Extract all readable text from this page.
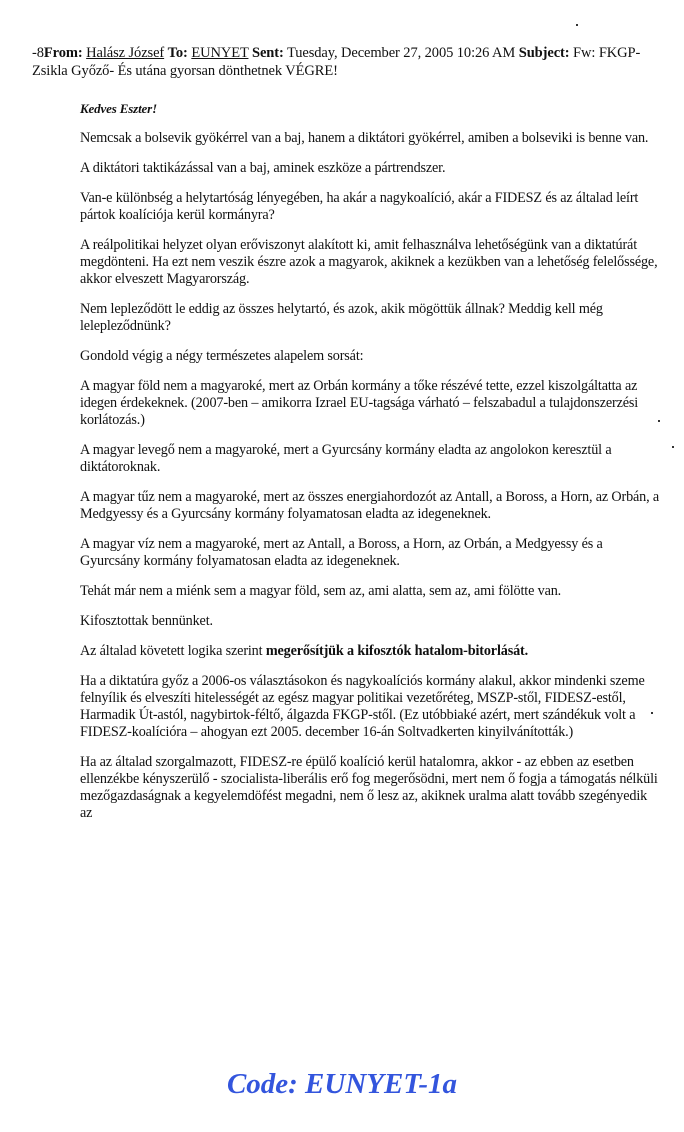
-8From: Halász József To: EUNYET Sent: Tuesday, December 27, 2005 10:26 AM Subject: Fw: FKGP-Zsikla Győző- És utána gyorsan dönthetnek VÉGRE!

Kedves Eszter!

Nemcsak a bolsevik gyökérrel van a baj, hanem a diktátori gyökérrel, amiben a bolseviki is benne van.

A diktátori taktikázással van a baj, aminek eszköze a pártrendszer.

Van-e különbség a helytartóság lényegében, ha akár a nagykoalíció, akár a FIDESZ és az általad leírt pártok koalíciója kerül kormányra?

A reálpolitikai helyzet olyan erőviszonyt alakított ki, amit felhasználva lehetőségünk van a diktatúrát megdönteni. Ha ezt nem veszik észre azok a magyarok, akiknek a kezükben van a lehetőség felelőssége, akkor elveszett Magyarország.

Nem lepleződött le eddig az összes helytartó, és azok, akik mögöttük állnak? Meddig kell még lelepleződnünk?

Gondold végig a négy természetes alapelem sorsát:

A magyar föld nem a magyaroké, mert az Orbán kormány a tőke részévé tette, ezzel kiszolgáltatta az idegen érdekeknek. (2007-ben – amikorra Izrael EU-tagsága várható – felszabadul a tulajdonszerzési korlátozás.)

A magyar levegő nem a magyaroké, mert a Gyurcsány kormány eladta az angolokon keresztül a diktátoroknak.

A magyar tűz nem a magyaroké, mert az összes energiahordozót az Antall, a Boross, a Horn, az Orbán, a Medgyessy és a Gyurcsány kormány folyamatosan eladta az idegeneknek.

A magyar víz nem a magyaroké, mert az Antall, a Boross, a Horn, az Orbán, a Medgyessy és a Gyurcsány kormány folyamatosan eladta az idegeneknek.

Tehát már nem a miénk sem a magyar föld, sem az, ami alatta, sem az, ami fölötte van.

Kifosztottak bennünket.

Az általad követett logika szerint megerősítjük a kifosztók hatalom-bitorlását.

Ha a diktatúra győz a 2006-os választásokon és nagykoalíciós kormány alakul, akkor mindenki szeme felnyílik és elveszíti hitelességét az egész magyar politikai vezetőréteg, MSZP-stől, FIDESZ-estől, Harmadik Út-astól, nagybirtok-féltő, álgazda FKGP-stől. (Ez utóbbiaké azért, mert szándékuk volt a FIDESZ-koalícióra – ahogyan ezt 2005. december 16-án Soltvadkerten kinyilvánították.)

Ha az általad szorgalmazott, FIDESZ-re épülő koalíció kerül hatalomra, akkor - az ebben az esetben ellenzékbe kényszerülő - szocialista-liberális erő fog megerősödni, mert nem ő fogja a támogatás nélküli mezőgazdaságnak a kegyelemdöfést megadni, nem ő lesz az, akiknek uralma alatt tovább szegényedik az

Code: EUNYET-1a
